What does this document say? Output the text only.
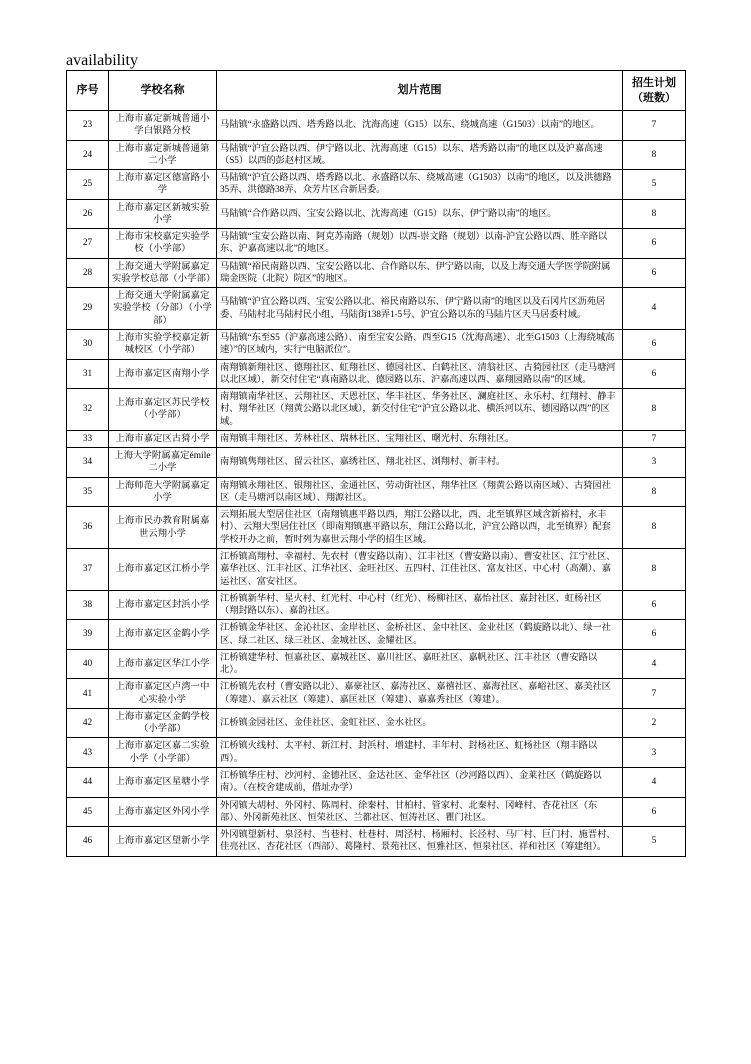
availability
序号	学校名称	划片范围	招生计划
（班数）

23	上海市嘉定新城普通小学白银路分校	马陆镇“永盛路以西、塔秀路以北、沈海高速（G15）以东、绕城高速（G1503）以南”的地区。	7
24	上海市嘉定新城普通第二小学	马陆镇“沪宜公路以西、伊宁路以北、沈海高速（G15）以东、塔秀路以南”的地区以及沪嘉高速（S5）以西的彭赵村区域。	8
25	上海市嘉定区德富路小学	马陆镇“沪宜公路以西、塔秀路以北、永盛路以东、绕城高速（G1503）以南”的地区，以及洪德路35弄、洪德路38弄、众芳片区合新居委。	5
26	上海市嘉定区新城实验小学	马陆镇“合作路以西、宝安公路以北、沈海高速（G15）以东、伊宁路以南”的地区。	8
27	上海市宋校嘉定实验学校（小学部）	马陆镇“宝安公路以南、阿克苏南路（规划）以西-崇文路（规划）以南-沪宜公路以西、胜辛路以东、沪嘉高速以北”的地区。	6
28	上海交通大学附属嘉定实验学校总部（小学部）	马陆镇“裕民南路以西、宝安公路以北、合作路以东、伊宁路以南，以及上海交通大学医学院附属瑞金医院（北院）院区”的地区。	6
29	上海交通大学附属嘉定实验学校（分部）（小学部）	马陆镇“沪宜公路以西、宝安公路以北、裕民南路以东、伊宁路以南”的地区以及石冈片区沥苑居委、马陆村北马陆村民小组、马陆街138弄1-5号、沪宜公路以东的马陆片区天马居委村域。	4
30	上海市实验学校嘉定新城校区（小学部）	马陆镇“东至S5（沪嘉高速公路）、南至宝安公路、西至G15（沈海高速）、北至G1503（上海绕城高速）”的区域内，实行“电脑派位”。	6
31	上海市嘉定区南翔小学	南翔镇新翔社区、德翔社区、虹翔社区、德园社区、白鹤社区、清翁社区、古猗园社区（走马塘河以北区域），新交付住宅“真南路以北、德园路以东、沪嘉高速以西、嘉翔园路以南”的区域。	6
32	上海市嘉定区苏民学校（小学部）	南翔镇南华社区、云翔社区、天恩社区、华丰社区、华务社区、澜庭社区、永乐村、红翔村、静丰村、翔华社区（翔黄公路以北区域），新交付住宅“沪宜公路以北、横浜河以东、德园路以西”的区域。	8
33	上海市嘉定区古猗小学	南翔镇丰翔社区、芳林社区、瑞林社区、宝翔社区、曙光村、东翔社区。	7
34	上海大学附属嘉定émile二小学	南翔镇隽翔社区、留云社区、嘉绣社区、翔北社区、浏翔村、新丰村。	3
35	上海师范大学附属嘉定小学	南翔镇永翔社区、银翔社区、金通社区、劳动街社区、翔华社区（翔黄公路以南区域）、古猗园社区（走马塘河以南区域）、翔源社区。	8
36	上海市民办教育附属嘉世云翔小学	云翔拓展大型居住社区（南翔镇惠平路以西，翔江公路以北，西、北至镇界区域含新裕村，永丰村）、云翔大型居住社区（即南翔镇惠平路以东，翔江公路以北，沪宜公路以西，北至镇界）配套学校开办之前，暂时列为嘉世云翔小学的招生区域。	8
37	上海市嘉定区江桥小学	江桥镇高翔村、幸福村、先农村（曹安路以南）、江丰社区（曹安路以南）、曹安社区、江宁社区、嘉华社区、江丰社区、江华社区、金旺社区、五四村、江佳社区、富友社区、中心村（高潮）、嘉运社区、富安社区。	8
38	上海市嘉定区封浜小学	江桥镇新华村、星火村、红光村、中心村（红光）、杨柳社区、嘉怡社区、嘉封社区、虹杨社区（翔封路以东）、嘉韵社区。	6
39	上海市嘉定区金鹤小学	江桥镇金华社区、金沁社区、金岸社区、金桥社区、金中社区、金业社区（鹤旋路以北）、绿一社区、绿二社区、绿三社区、金城社区、金耀社区。	6
40	上海市嘉定区华江小学	江桥镇建华村、恒嘉社区、嘉城社区、嘉川社区、嘉旺社区、嘉帆社区、江丰社区（曹安路以北）。	4
41	上海市嘉定区卢湾一中心实验小学	江桥镇先农村（曹安路以北）、嘉豪社区、嘉涛社区、嘉禧社区、嘉海社区、嘉峪社区、嘉美社区（筹建）、嘉云社区（筹建）、嘉匡社区（筹建）、嘉嘉秀社区（筹建）。	7
42	上海市嘉定区金鹤学校（小学部）	江桥镇金园社区、金佳社区、金虹社区、金水社区。	2
43	上海市嘉定区嘉二实验小学（小学部）	江桥镇火线村、太平村、新江村、封浜村、增建村、丰年村、封杨社区、虹杨社区（翔丰路以西）。	3
44	上海市嘉定区星塘小学	江桥镇华庄村、沙河村、金德社区、金达社区、金华社区（沙河路以西）、金莱社区（鹤旋路以南）。（在校舍建成前，借址办学）	4
45	上海市嘉定区外冈小学	外冈镇大胡村、外冈村、陈周村、徐秦村、甘柏村、管家村、北秦村、冈峰村、杏花社区（东部）、外冈新苑社区、恒荣社区、兰都社区、恒涛社区、瞿门社区。	6
46	上海市嘉定区望新小学	外冈镇望新村、泉泾村、当巷村、杜巷村、周泾村、杨厢村、长泾村、马厂村、巨门村、施晋村、佳亮社区、杏花社区（西部）、葛隆村、景苑社区、恒雅社区、恒泉社区、祥和社区（筹建组）。	5
